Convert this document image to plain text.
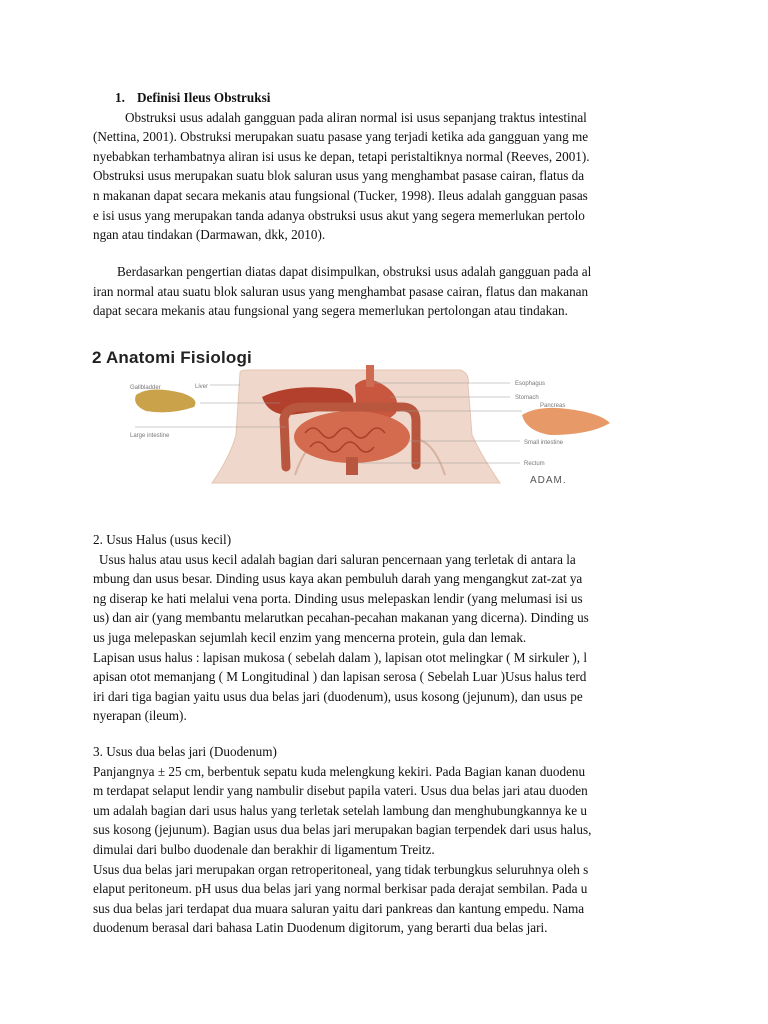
1. Definisi Ileus Obstruksi
Obstruksi usus adalah gangguan pada aliran normal isi usus sepanjang traktus intestinal
(Nettina, 2001). Obstruksi merupakan suatu pasase yang terjadi ketika ada gangguan yang me
nyebabkan terhambatnya aliran isi usus ke depan, tetapi peristaltiknya normal (Reeves, 2001).
Obstruksi usus merupakan suatu blok saluran usus yang menghambat pasase cairan, flatus da
n makanan dapat secara mekanis atau fungsional (Tucker, 1998). Ileus adalah gangguan pasas
e isi usus yang merupakan tanda adanya obstruksi usus akut yang segera memerlukan pertolo
ngan atau tindakan (Darmawan, dkk, 2010).
Berdasarkan pengertian diatas dapat disimpulkan, obstruksi usus adalah gangguan pada al
iran normal atau suatu blok saluran usus yang menghambat pasase cairan, flatus dan makanan
dapat secara mekanis atau fungsional yang segera memerlukan pertolongan atau tindakan.
2 Anatomi Fisiologi
Liver
Gallbladder
Large intestine
Esophagus
Stomach
Pancreas
Small intestine
Rectum
ADAM.
2. Usus Halus (usus kecil)
Usus halus atau usus kecil adalah bagian dari saluran pencernaan yang terletak di antara la
mbung dan usus besar. Dinding usus kaya akan pembuluh darah yang mengangkut zat-zat ya
ng diserap ke hati melalui vena porta. Dinding usus melepaskan lendir (yang melumasi isi us
us) dan air (yang membantu melarutkan pecahan-pecahan makanan yang dicerna). Dinding us
us juga melepaskan sejumlah kecil enzim yang mencerna protein, gula dan lemak.
Lapisan usus halus : lapisan mukosa ( sebelah dalam ), lapisan otot melingkar ( M sirkuler ), l
apisan otot memanjang ( M Longitudinal ) dan lapisan serosa ( Sebelah Luar )Usus halus terd
iri dari tiga bagian yaitu usus dua belas jari (duodenum), usus kosong (jejunum), dan usus pe
nyerapan (ileum).
3. Usus dua belas jari (Duodenum)
Panjangnya ± 25 cm, berbentuk sepatu kuda melengkung kekiri. Pada Bagian kanan duodenu
m terdapat selaput lendir yang nambulir disebut papila vateri. Usus dua belas jari atau duoden
um adalah bagian dari usus halus yang terletak setelah lambung dan menghubungkannya ke u
sus kosong (jejunum). Bagian usus dua belas jari merupakan bagian terpendek dari usus halus,
dimulai dari bulbo duodenale dan berakhir di ligamentum Treitz.
Usus dua belas jari merupakan organ retroperitoneal, yang tidak terbungkus seluruhnya oleh s
elaput peritoneum. pH usus dua belas jari yang normal berkisar pada derajat sembilan. Pada u
sus dua belas jari terdapat dua muara saluran yaitu dari pankreas dan kantung empedu. Nama
duodenum berasal dari bahasa Latin Duodenum digitorum, yang berarti dua belas jari.
